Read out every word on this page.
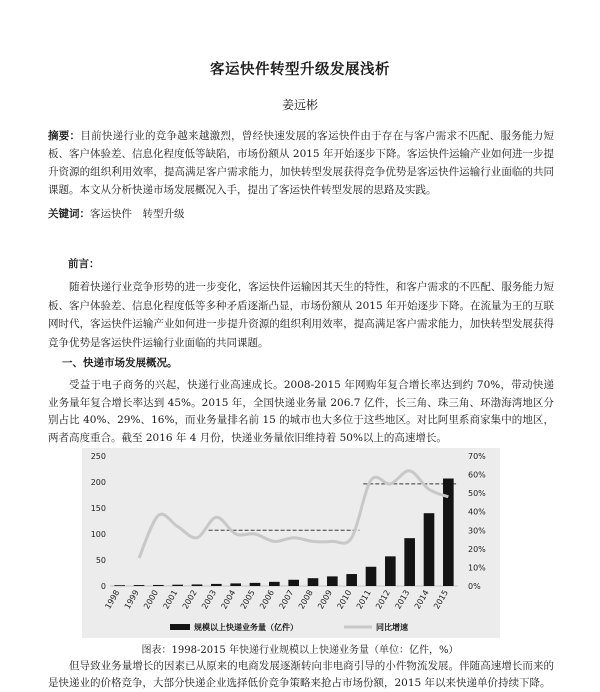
客运快件转型升级发展浅析
姜远彬
摘要：目前快递行业的竞争越来越激烈，曾经快速发展的客运快件由于存在与客户需求不匹配、服务能力短板、客户体验差、信息化程度低等缺陷，市场份额从 2015 年开始逐步下降。客运快件运输产业如何进一步提升资源的组织利用效率，提高满足客户需求能力，加快转型发展获得竞争优势是客运快件运输行业面临的共同课题。本文从分析快递市场发展概况入手，提出了客运快件转型发展的思路及实践。
关键词：客运快件　转型升级
前言：
随着快递行业竞争形势的进一步变化，客运快件运输因其天生的特性，和客户需求的不匹配、服务能力短板、客户体验差、信息化程度低等多种矛盾逐渐凸显，市场份额从 2015 年开始逐步下降。在流量为王的互联网时代，客运快件运输产业如何进一步提升资源的组织利用效率，提高满足客户需求能力，加快转型发展获得竞争优势是客运快件运输行业面临的共同课题。
一、快递市场发展概况。
受益于电子商务的兴起，快递行业高速成长。2008-2015 年网购年复合增长率达到约 70%，带动快递业务量年复合增长率达到 45%。2015 年，全国快递业务量 206.7 亿件，长三角、珠三角、环渤海湾地区分别占比 40%、29%、16%，而业务量排名前 15 的城市也大多位于这些地区。对比阿里系商家集中的地区，两者高度重合。截至 2016 年 4 月份，快递业务量依旧维持着 50%以上的高速增长。
0
50
100
150
200
250
0%
10%
20%
30%
40%
50%
60%
70%
1998 1999 2000 2001 2002 2003 2004 2005 2006 2007 2008 2009 2010 2011 2012 2013 2014 2015
规模以上快递业务量（亿件）	同比增速
图表：1998-2015 年快递行业规模以上快递业务量（单位：亿件，%）
但导致业务量增长的因素已从原来的电商发展逐渐转向非电商引导的小件物流发展。伴随高速增长而来的是快递业的价格竞争，大部分快递企业选择低价竞争策略来抢占市场份额，2015 年以来快递单价持续下降。
